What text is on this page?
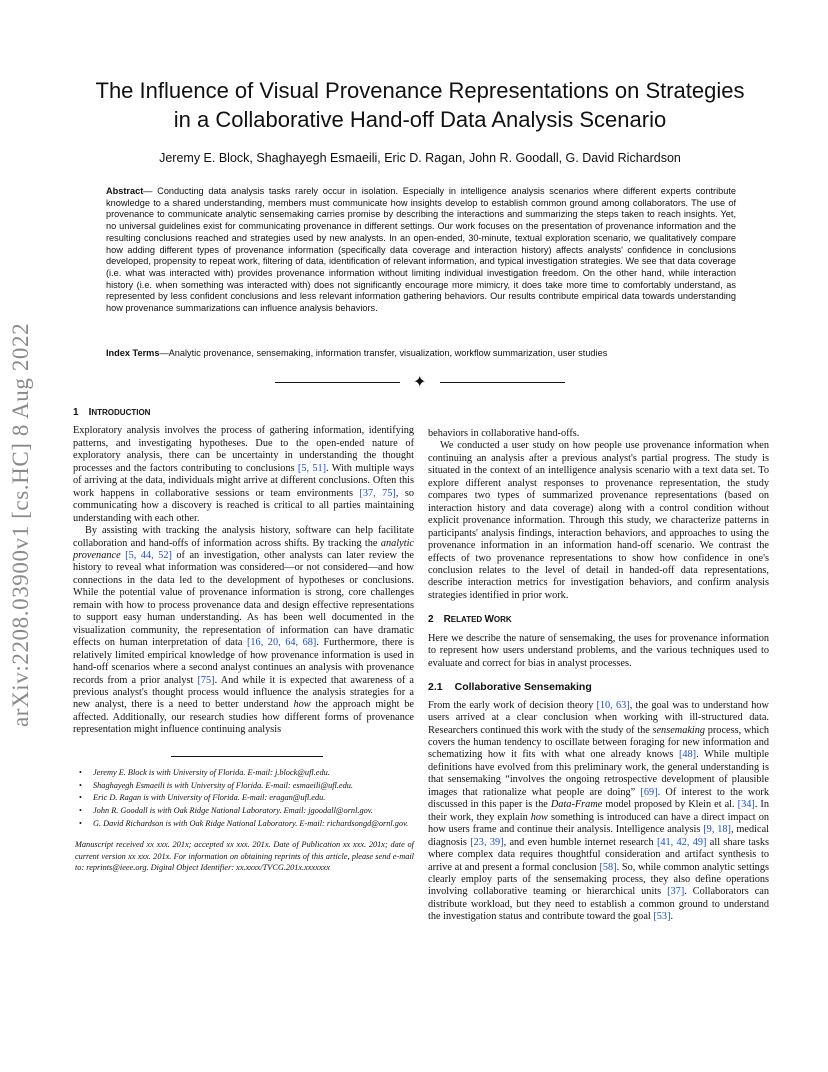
arXiv:2208.03900v1 [cs.HC] 8 Aug 2022
The Influence of Visual Provenance Representations on Strategies
in a Collaborative Hand-off Data Analysis Scenario
Jeremy E. Block, Shaghayegh Esmaeili, Eric D. Ragan, John R. Goodall, G. David Richardson

Abstract— Conducting data analysis tasks rarely occur in isolation. Especially in intelligence analysis scenarios where different experts contribute knowledge to a shared understanding, members must communicate how insights develop to establish common ground among collaborators. The use of provenance to communicate analytic sensemaking carries promise by describing the interactions and summarizing the steps taken to reach insights. Yet, no universal guidelines exist for communicating provenance in different settings. Our work focuses on the presentation of provenance information and the resulting conclusions reached and strategies used by new analysts. In an open-ended, 30-minute, textual exploration scenario, we qualitatively compare how adding different types of provenance information (specifically data coverage and interaction history) affects analysts' confidence in conclusions developed, propensity to repeat work, filtering of data, identification of relevant information, and typical investigation strategies. We see that data coverage (i.e. what was interacted with) provides provenance information without limiting individual investigation freedom. On the other hand, while interaction history (i.e. when something was interacted with) does not significantly encourage more mimicry, it does take more time to comfortably understand, as represented by less confident conclusions and less relevant information gathering behaviors. Our results contribute empirical data towards understanding how provenance summarizations can influence analysis behaviors.

Index Terms—Analytic provenance, sensemaking, information transfer, visualization, workflow summarization, user studies

✦
1 INTRODUCTION

Exploratory analysis involves the process of gathering information, identifying patterns, and investigating hypotheses. Due to the open-ended nature of exploratory analysis, there can be uncertainty in understanding the thought processes and the factors contributing to conclusions [5, 51]. With multiple ways of arriving at the data, individuals might arrive at different conclusions. Often this work happens in collaborative sessions or team environments [37, 75], so communicating how a discovery is reached is critical to all parties maintaining understanding with each other.

By assisting with tracking the analysis history, software can help facilitate collaboration and hand-offs of information across shifts. By tracking the analytic provenance [5, 44, 52] of an investigation, other analysts can later review the history to reveal what information was considered—or not considered—and how connections in the data led to the development of hypotheses or conclusions. While the potential value of provenance information is strong, core challenges remain with how to process provenance data and design effective representations to support easy human understanding. As has been well documented in the visualization community, the representation of information can have dramatic effects on human interpretation of data [16, 20, 64, 68]. Furthermore, there is relatively limited empirical knowledge of how provenance information is used in hand-off scenarios where a second analyst continues an analysis with provenance records from a prior analyst [75]. And while it is expected that awareness of a previous analyst's thought process would influence the analysis strategies for a new analyst, there is a need to better understand how the approach might be affected. Additionally, our research studies how different forms of provenance representation might influence continuing analysis

• Jeremy E. Block is with University of Florida. E-mail: j.block@ufl.edu.
• Shaghayegh Esmaeili is with University of Florida. E-mail: esmaeili@ufl.edu.
• Eric D. Ragan is with University of Florida. E-mail: eragan@ufl.edu.
• John R. Goodall is with Oak Ridge National Laboratory. Email: jgoodall@ornl.gov.
• G. David Richardson is with Oak Ridge National Laboratory. E-mail: richardsongd@ornl.gov.

Manuscript received xx xxx. 201x; accepted xx xxx. 201x. Date of Publication xx xxx. 201x; date of current version xx xxx. 201x. For information on obtaining reprints of this article, please send e-mail to: reprints@ieee.org. Digital Object Identifier: xx.xxxx/TVCG.201x.xxxxxxx

behaviors in collaborative hand-offs.

We conducted a user study on how people use provenance information when continuing an analysis after a previous analyst's partial progress. The study is situated in the context of an intelligence analysis scenario with a text data set. To explore different analyst responses to provenance representation, the study compares two types of summarized provenance representations (based on interaction history and data coverage) along with a control condition without explicit provenance information. Through this study, we characterize patterns in participants' analysis findings, interaction behaviors, and approaches to using the provenance information in an information hand-off scenario. We contrast the effects of two provenance representations to show how confidence in one's conclusion relates to the level of detail in handed-off data representations, describe interaction metrics for investigation behaviors, and confirm analysis strategies identified in prior work.

2 RELATED WORK

Here we describe the nature of sensemaking, the uses for provenance information to represent how users understand problems, and the various techniques used to evaluate and correct for bias in analyst processes.

2.1 Collaborative Sensemaking

From the early work of decision theory [10, 63], the goal was to understand how users arrived at a clear conclusion when working with ill-structured data. Researchers continued this work with the study of the sensemaking process, which covers the human tendency to oscillate between foraging for new information and schematizing how it fits with what one already knows [48]. While multiple definitions have evolved from this preliminary work, the general understanding is that sensemaking “involves the ongoing retrospective development of plausible images that rationalize what people are doing” [69]. Of interest to the work discussed in this paper is the Data-Frame model proposed by Klein et al. [34]. In their work, they explain how something is introduced can have a direct impact on how users frame and continue their analysis. Intelligence analysis [9, 18], medical diagnosis [23, 39], and even humble internet research [41, 42, 49] all share tasks where complex data requires thoughtful consideration and artifact synthesis to arrive at and present a formal conclusion [58]. So, while common analytic settings clearly employ parts of the sensemaking process, they also define operations involving collaborative teaming or hierarchical units [37]. Collaborators can distribute workload, but they need to establish a common ground to understand the investigation status and contribute toward the goal [53].
